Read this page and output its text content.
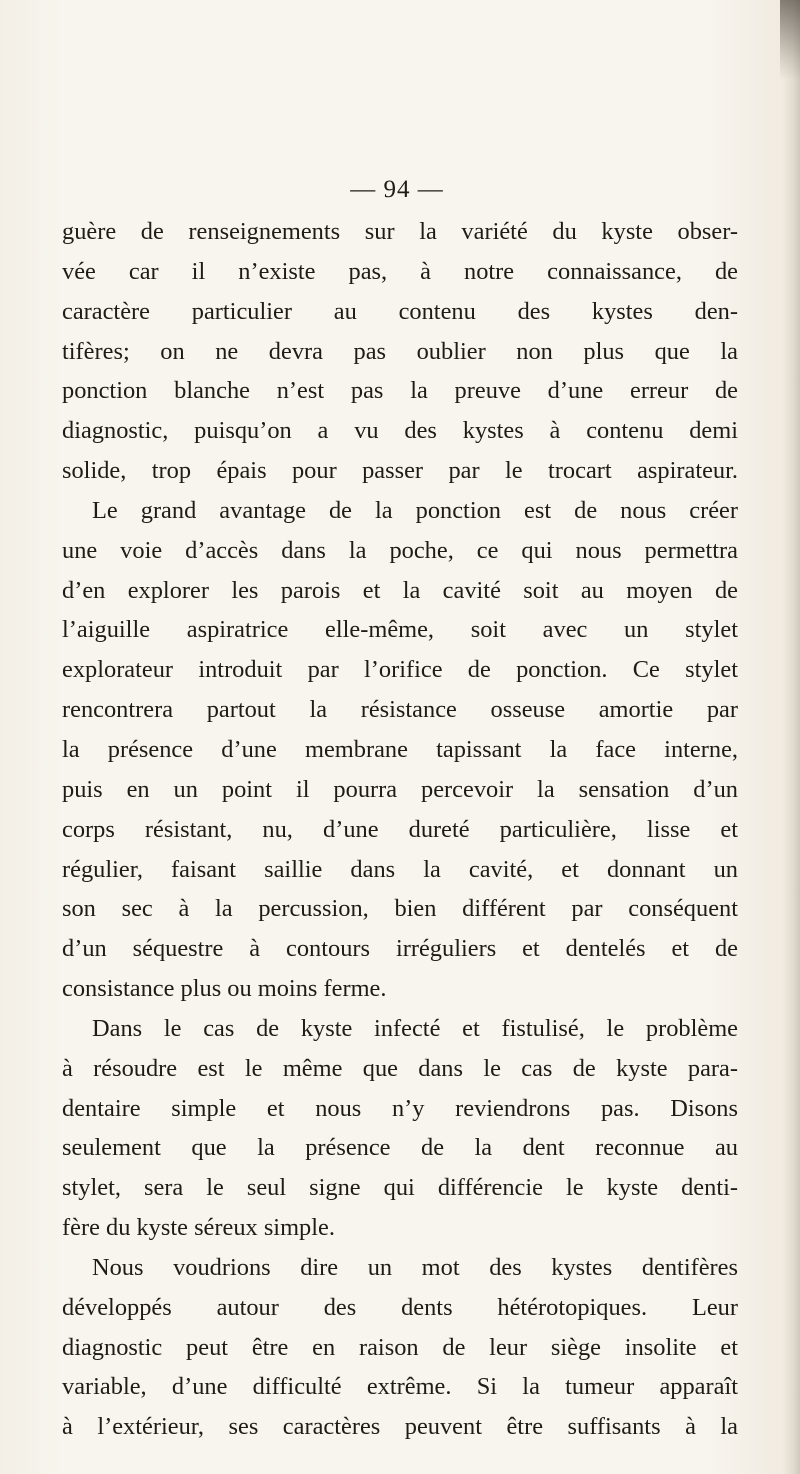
— 94 —

guère de renseignements sur la variété du kyste obser-

vée car il n’existe pas, à notre connaissance, de

caractère particulier au contenu des kystes den-

tifères; on ne devra pas oublier non plus que la

ponction blanche n’est pas la preuve d’une erreur de

diagnostic, puisqu’on a vu des kystes à contenu demi

solide, trop épais pour passer par le trocart aspirateur.

Le grand avantage de la ponction est de nous créer

une voie d’accès dans la poche, ce qui nous permettra

d’en explorer les parois et la cavité soit au moyen de

l’aiguille aspiratrice elle-même, soit avec un stylet

explorateur introduit par l’orifice de ponction. Ce stylet

rencontrera partout la résistance osseuse amortie par

la présence d’une membrane tapissant la face interne,

puis en un point il pourra percevoir la sensation d’un

corps résistant, nu, d’une dureté particulière, lisse et

régulier, faisant saillie dans la cavité, et donnant un

son sec à la percussion, bien différent par conséquent

d’un séquestre à contours irréguliers et dentelés et de

consistance plus ou moins ferme.

Dans le cas de kyste infecté et fistulisé, le problème

à résoudre est le même que dans le cas de kyste para-

dentaire simple et nous n’y reviendrons pas. Disons

seulement que la présence de la dent reconnue au

stylet, sera le seul signe qui différencie le kyste denti-

fère du kyste séreux simple.

Nous voudrions dire un mot des kystes dentifères

développés autour des dents hétérotopiques. Leur

diagnostic peut être en raison de leur siège insolite et

variable, d’une difficulté extrême. Si la tumeur apparaît

à l’extérieur, ses caractères peuvent être suffisants à la
